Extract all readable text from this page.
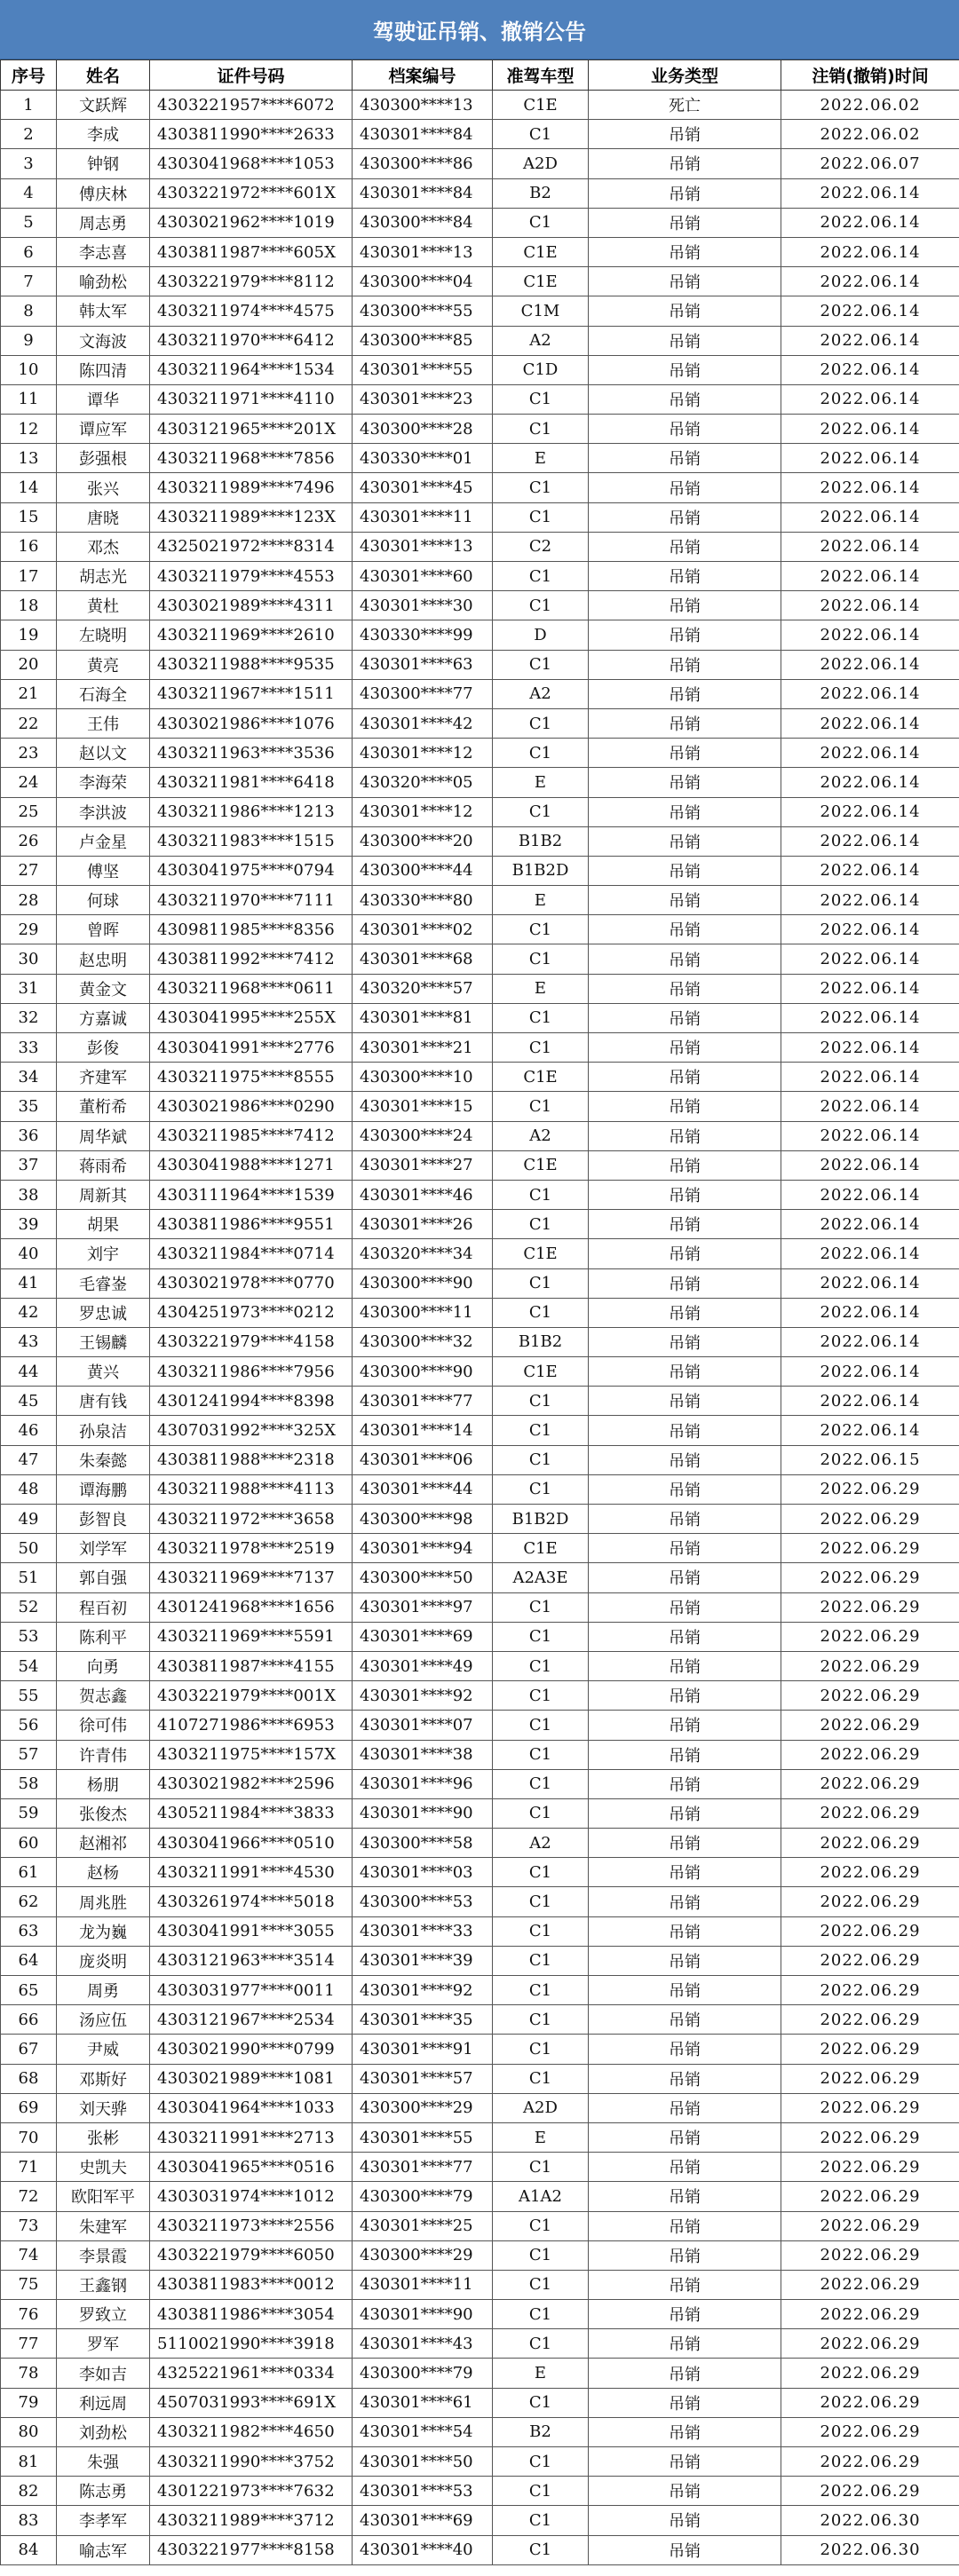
驾驶证吊销、撤销公告
序号	姓名	证件号码	档案编号	准驾车型	业务类型	注销(撤销)时间
1	文跃辉	4303221957****6072	430300****13	C1E	死亡	2022.06.02
2	李成	4303811990****2633	430301****84	C1	吊销	2022.06.02
3	钟钢	4303041968****1053	430300****86	A2D	吊销	2022.06.07
4	傅庆林	4303221972****601X	430301****84	B2	吊销	2022.06.14
5	周志勇	4303021962****1019	430300****84	C1	吊销	2022.06.14
6	李志喜	4303811987****605X	430301****13	C1E	吊销	2022.06.14
7	喻劲松	4303221979****8112	430300****04	C1E	吊销	2022.06.14
8	韩太军	4303211974****4575	430300****55	C1M	吊销	2022.06.14
9	文海波	4303211970****6412	430300****85	A2	吊销	2022.06.14
10	陈四清	4303211964****1534	430301****55	C1D	吊销	2022.06.14
11	谭华	4303211971****4110	430301****23	C1	吊销	2022.06.14
12	谭应军	4303121965****201X	430300****28	C1	吊销	2022.06.14
13	彭强根	4303211968****7856	430330****01	E	吊销	2022.06.14
14	张兴	4303211989****7496	430301****45	C1	吊销	2022.06.14
15	唐晓	4303211989****123X	430301****11	C1	吊销	2022.06.14
16	邓杰	4325021972****8314	430301****13	C2	吊销	2022.06.14
17	胡志光	4303211979****4553	430301****60	C1	吊销	2022.06.14
18	黄杜	4303021989****4311	430301****30	C1	吊销	2022.06.14
19	左晓明	4303211969****2610	430330****99	D	吊销	2022.06.14
20	黄亮	4303211988****9535	430301****63	C1	吊销	2022.06.14
21	石海全	4303211967****1511	430300****77	A2	吊销	2022.06.14
22	王伟	4303021986****1076	430301****42	C1	吊销	2022.06.14
23	赵以文	4303211963****3536	430301****12	C1	吊销	2022.06.14
24	李海荣	4303211981****6418	430320****05	E	吊销	2022.06.14
25	李洪波	4303211986****1213	430301****12	C1	吊销	2022.06.14
26	卢金星	4303211983****1515	430300****20	B1B2	吊销	2022.06.14
27	傅坚	4303041975****0794	430300****44	B1B2D	吊销	2022.06.14
28	何球	4303211970****7111	430330****80	E	吊销	2022.06.14
29	曾晖	4309811985****8356	430301****02	C1	吊销	2022.06.14
30	赵忠明	4303811992****7412	430301****68	C1	吊销	2022.06.14
31	黄金文	4303211968****0611	430320****57	E	吊销	2022.06.14
32	方嘉诚	4303041995****255X	430301****81	C1	吊销	2022.06.14
33	彭俊	4303041991****2776	430301****21	C1	吊销	2022.06.14
34	齐建军	4303211975****8555	430300****10	C1E	吊销	2022.06.14
35	董桁希	4303021986****0290	430301****15	C1	吊销	2022.06.14
36	周华斌	4303211985****7412	430300****24	A2	吊销	2022.06.14
37	蒋雨希	4303041988****1271	430301****27	C1E	吊销	2022.06.14
38	周新其	4303111964****1539	430301****46	C1	吊销	2022.06.14
39	胡果	4303811986****9551	430301****26	C1	吊销	2022.06.14
40	刘宇	4303211984****0714	430320****34	C1E	吊销	2022.06.14
41	毛睿崟	4303021978****0770	430300****90	C1	吊销	2022.06.14
42	罗忠诚	4304251973****0212	430300****11	C1	吊销	2022.06.14
43	王锡麟	4303221979****4158	430300****32	B1B2	吊销	2022.06.14
44	黄兴	4303211986****7956	430300****90	C1E	吊销	2022.06.14
45	唐有钱	4301241994****8398	430301****77	C1	吊销	2022.06.14
46	孙泉洁	4307031992****325X	430301****14	C1	吊销	2022.06.14
47	朱秦懿	4303811988****2318	430301****06	C1	吊销	2022.06.15
48	谭海鹏	4303211988****4113	430301****44	C1	吊销	2022.06.29
49	彭智良	4303211972****3658	430300****98	B1B2D	吊销	2022.06.29
50	刘学军	4303211978****2519	430301****94	C1E	吊销	2022.06.29
51	郭自强	4303211969****7137	430300****50	A2A3E	吊销	2022.06.29
52	程百初	4301241968****1656	430301****97	C1	吊销	2022.06.29
53	陈利平	4303211969****5591	430301****69	C1	吊销	2022.06.29
54	向勇	4303811987****4155	430301****49	C1	吊销	2022.06.29
55	贺志鑫	4303221979****001X	430301****92	C1	吊销	2022.06.29
56	徐可伟	4107271986****6953	430301****07	C1	吊销	2022.06.29
57	许青伟	4303211975****157X	430301****38	C1	吊销	2022.06.29
58	杨朋	4303021982****2596	430301****96	C1	吊销	2022.06.29
59	张俊杰	4305211984****3833	430301****90	C1	吊销	2022.06.29
60	赵湘祁	4303041966****0510	430300****58	A2	吊销	2022.06.29
61	赵杨	4303211991****4530	430301****03	C1	吊销	2022.06.29
62	周兆胜	4303261974****5018	430300****53	C1	吊销	2022.06.29
63	龙为巍	4303041991****3055	430301****33	C1	吊销	2022.06.29
64	庞炎明	4303121963****3514	430301****39	C1	吊销	2022.06.29
65	周勇	4303031977****0011	430301****92	C1	吊销	2022.06.29
66	汤应伍	4303121967****2534	430301****35	C1	吊销	2022.06.29
67	尹威	4303021990****0799	430301****91	C1	吊销	2022.06.29
68	邓斯好	4303021989****1081	430301****57	C1	吊销	2022.06.29
69	刘天骅	4303041964****1033	430300****29	A2D	吊销	2022.06.29
70	张彬	4303211991****2713	430301****55	E	吊销	2022.06.29
71	史凯夫	4303041965****0516	430301****77	C1	吊销	2022.06.29
72	欧阳军平	4303031974****1012	430300****79	A1A2	吊销	2022.06.29
73	朱建军	4303211973****2556	430301****25	C1	吊销	2022.06.29
74	李景霞	4303221979****6050	430300****29	C1	吊销	2022.06.29
75	王鑫钢	4303811983****0012	430301****11	C1	吊销	2022.06.29
76	罗致立	4303811986****3054	430301****90	C1	吊销	2022.06.29
77	罗军	5110021990****3918	430301****43	C1	吊销	2022.06.29
78	李如吉	4325221961****0334	430300****79	E	吊销	2022.06.29
79	利远周	4507031993****691X	430301****61	C1	吊销	2022.06.29
80	刘劲松	4303211982****4650	430301****54	B2	吊销	2022.06.29
81	朱强	4303211990****3752	430301****50	C1	吊销	2022.06.29
82	陈志勇	4301221973****7632	430301****53	C1	吊销	2022.06.29
83	李孝军	4303211989****3712	430301****69	C1	吊销	2022.06.30
84	喻志军	4303221977****8158	430301****40	C1	吊销	2022.06.30
